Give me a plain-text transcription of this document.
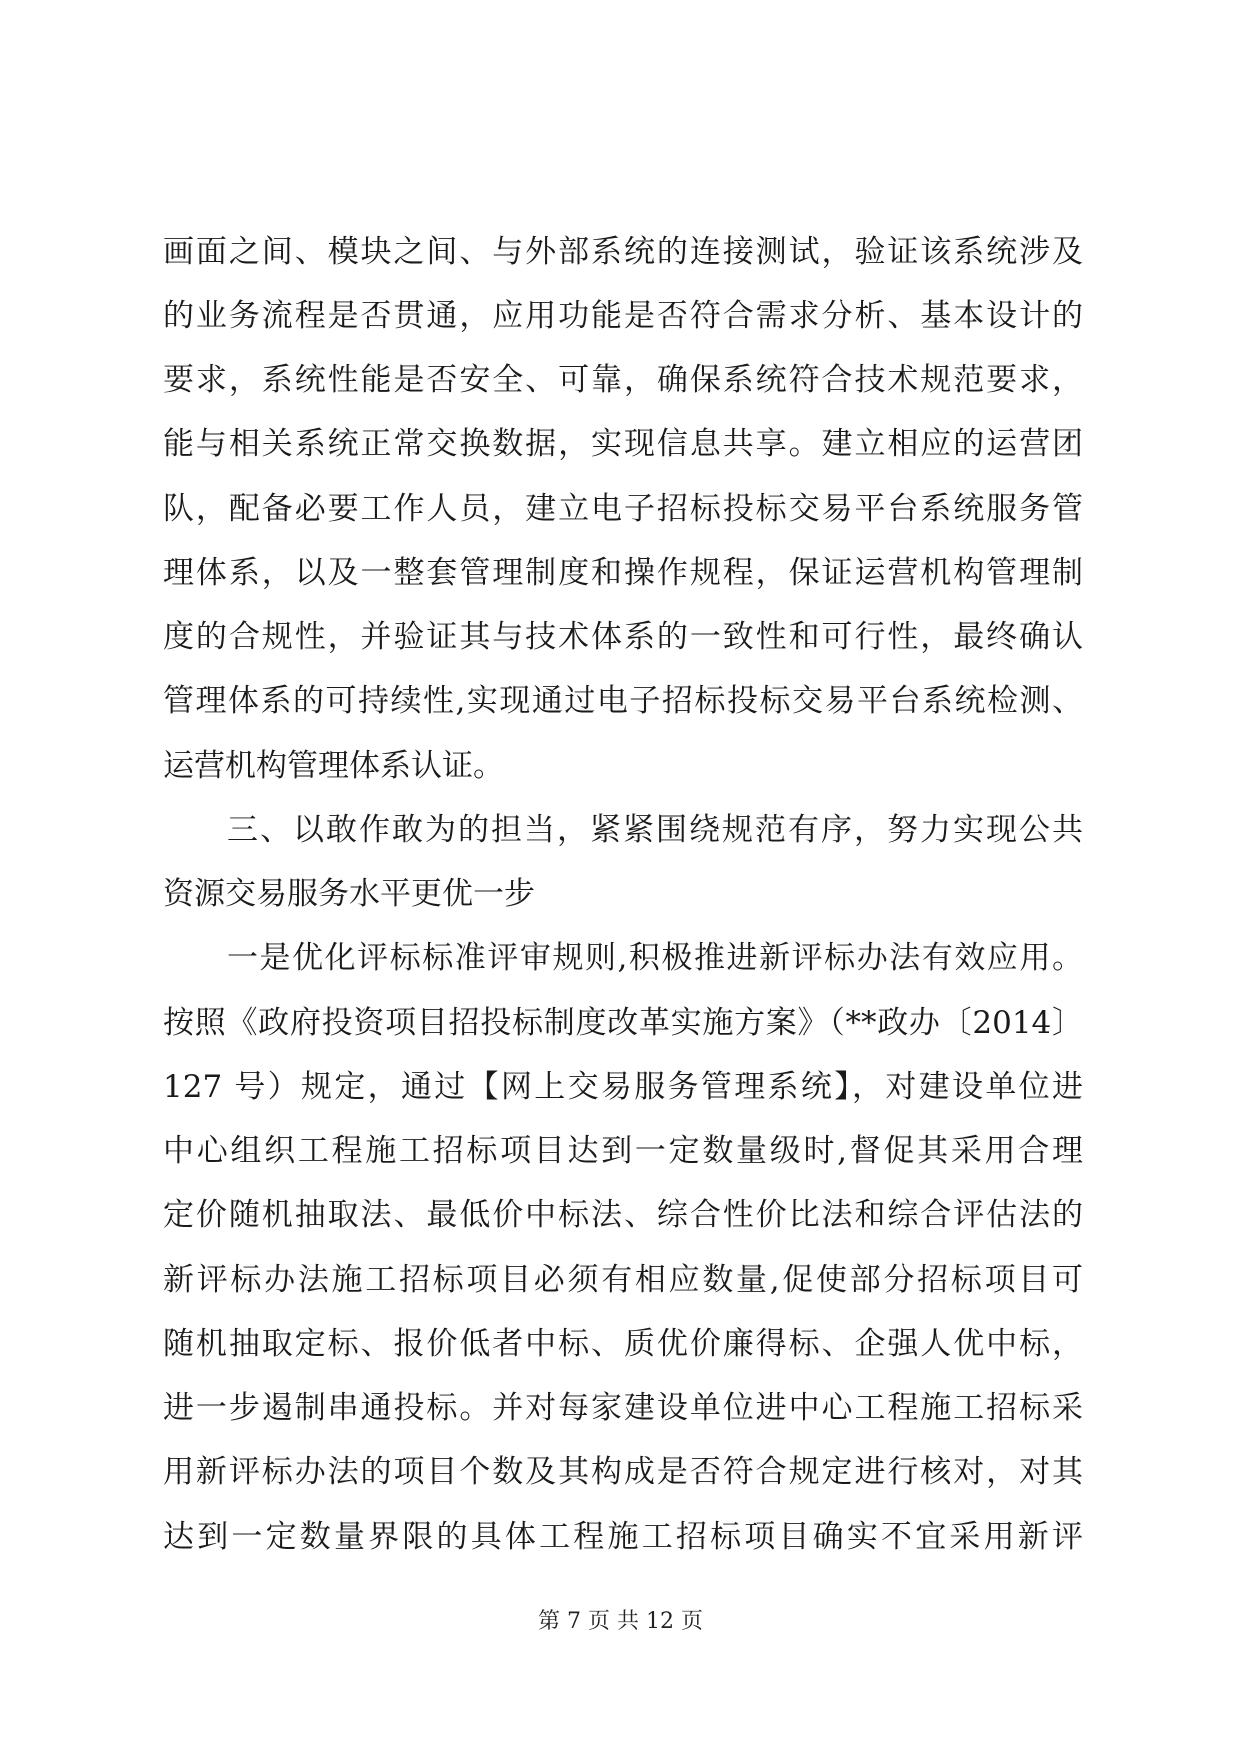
画面之间、模块之间、与外部系统的连接测试，验证该系统涉及
的业务流程是否贯通，应用功能是否符合需求分析、基本设计的
要求，系统性能是否安全、可靠，确保系统符合技术规范要求，
能与相关系统正常交换数据，实现信息共享。建立相应的运营团
队，配备必要工作人员，建立电子招标投标交易平台系统服务管
理体系，以及一整套管理制度和操作规程，保证运营机构管理制
度的合规性，并验证其与技术体系的一致性和可行性，最终确认
管理体系的可持续性,实现通过电子招标投标交易平台系统检测、
运营机构管理体系认证。
三、以敢作敢为的担当，紧紧围绕规范有序，努力实现公共
资源交易服务水平更优一步
一是优化评标标准评审规则,积极推进新评标办法有效应用。
按照《政府投资项目招投标制度改革实施方案》（**政办〔2014〕
127 号）规定，通过【网上交易服务管理系统】，对建设单位进
中心组织工程施工招标项目达到一定数量级时,督促其采用合理
定价随机抽取法、最低价中标法、综合性价比法和综合评估法的
新评标办法施工招标项目必须有相应数量,促使部分招标项目可
随机抽取定标、报价低者中标、质优价廉得标、企强人优中标，
进一步遏制串通投标。并对每家建设单位进中心工程施工招标采
用新评标办法的项目个数及其构成是否符合规定进行核对，对其
达到一定数量界限的具体工程施工招标项目确实不宜采用新评
第 7 页 共 12 页
